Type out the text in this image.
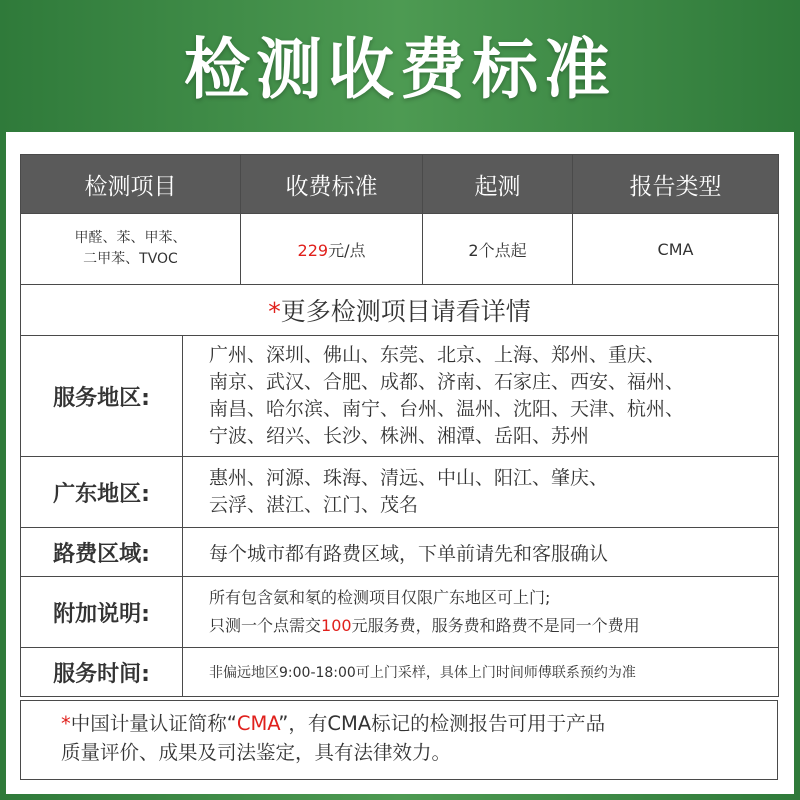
检测收费标准
检测项目		收费标准	起测	报告类型

甲醛、苯、甲苯、
二甲苯、TVOC		229元/点	2个点起	CMA
*更多检测项目请看详情				
服务地区:	广州、深圳、佛山、东莞、北京、上海、郑州、重庆、
南京、武汉、合肥、成都、济南、石家庄、西安、福州、
南昌、哈尔滨、南宁、台州、温州、沈阳、天津、杭州、
宁波、绍兴、长沙、株洲、湘潭、岳阳、苏州			

广东地区:	惠州、河源、珠海、清远、中山、阳江、肇庆、
云浮、湛江、江门、茂名			

路费区域:	每个城市都有路费区域，下单前请先和客服确认			
附加说明:	所有包含氨和氡的检测项目仅限广东地区可上门;
只测一个点需交100元服务费，服务费和路费不是同一个费用			

服务时间:	非偏远地区9:00-18:00可上门采样，具体上门时间师傅联系预约为准			
*中国计量认证简称“CMA”，有CMA标记的检测报告可用于产品
质量评价、成果及司法鉴定，具有法律效力。
